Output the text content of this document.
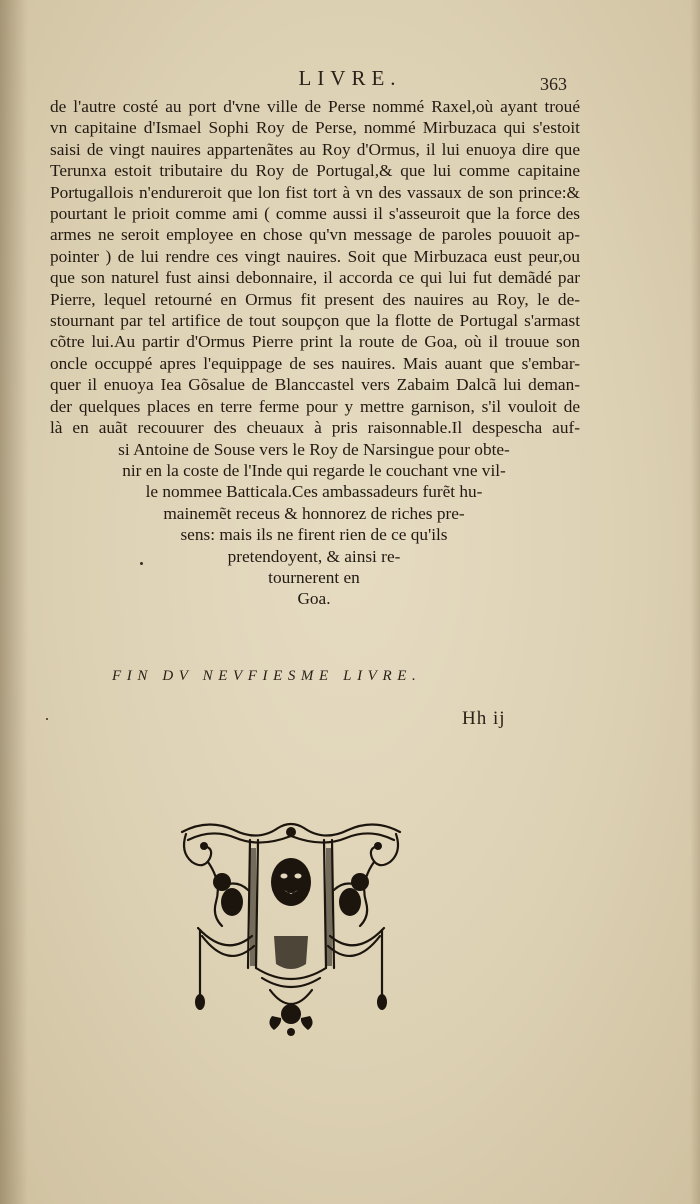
LIVRE.	363
de l'autre costé au port d'vne ville de Perse nommé Raxel,où ayant troué
vn capitaine d'Ismael Sophi Roy de Perse, nommé Mirbuzaca qui s'estoit
saisi de vingt nauires appartenãtes au Roy d'Ormus, il lui enuoya dire que
Terunxa estoit tributaire du Roy de Portugal,& que lui comme capitaine
Portugallois n'endureroit que lon fist tort à vn des vassaux de son prince:&
pourtant le prioit comme ami ( comme aussi il s'asseuroit que la force des
armes ne seroit employee en chose qu'vn message de paroles pouuoit ap-
pointer ) de lui rendre ces vingt nauires. Soit que Mirbuzaca eust peur,ou
que son naturel fust ainsi debonnaire, il accorda ce qui lui fut demãdé par
Pierre, lequel retourné en Ormus fit present des nauires au Roy, le de-
stournant par tel artifice de tout soupçon que la flotte de Portugal s'armast
cõtre lui.Au partir d'Ormus Pierre print la route de Goa, où il trouue son
oncle occuppé apres l'equippage de ses nauires. Mais auant que s'embar-
quer il enuoya Iea Gõsalue de Blanccastel vers Zabaim Dalcã lui deman-
der quelques places en terre ferme pour y mettre garnison, s'il vouloit de
là en auãt recouurer des cheuaux à pris raisonnable.Il despescha auf-
si Antoine de Souse vers le Roy de Narsingue pour obte-
nir en la coste de l'Inde qui regarde le couchant vne vil-
le nommee Batticala.Ces ambassadeurs furẽt hu-
mainemẽt receus & honnorez de riches pre-
sens: mais ils ne firent rien de ce qu'ils
pretendoyent, & ainsi re-
tournerent en
Goa.
FIN DV NEVFIESME LIVRE.
Hh ij
